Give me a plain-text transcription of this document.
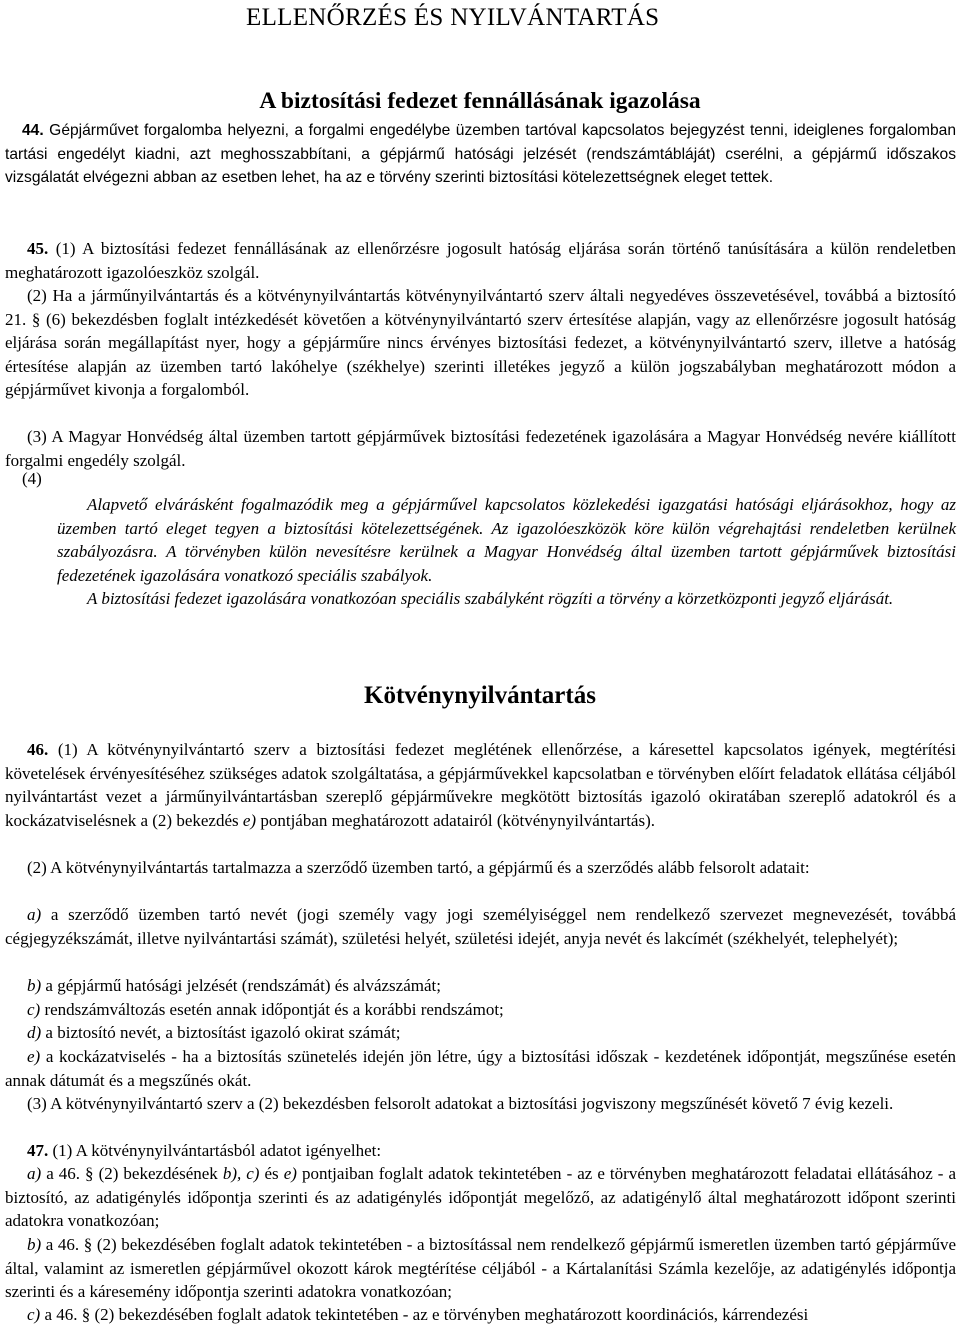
ELLENŐRZÉS ÉS NYILVÁNTARTÁS
A biztosítási fedezet fennállásának igazolása
44. Gépjárművet forgalomba helyezni, a forgalmi engedélybe üzemben tartóval kapcsolatos bejegyzést tenni, ideiglenes forgalomban tartási engedélyt kiadni, azt meghosszabbítani, a gépjármű hatósági jelzését (rendszámtábláját) cserélni, a gépjármű időszakos vizsgálatát elvégezni abban az esetben lehet, ha az e törvény szerinti biztosítási kötelezettségnek eleget tettek.
45. (1) A biztosítási fedezet fennállásának az ellenőrzésre jogosult hatóság eljárása során történő tanúsítására a külön rendeletben meghatározott igazolóeszköz szolgál.
(2) Ha a járműnyilvántartás és a kötvénynyilvántartás kötvénynyilvántartó szerv általi negyedéves összevetésével, továbbá a biztosító 21. § (6) bekezdésben foglalt intézkedését követően a kötvénynyilvántartó szerv értesítése alapján, vagy az ellenőrzésre jogosult hatóság eljárása során megállapítást nyer, hogy a gépjárműre nincs érvényes biztosítási fedezet, a kötvénynyilvántartó szerv, illetve a hatóság értesítése alapján az üzemben tartó lakóhelye (székhelye) szerinti illetékes jegyző a külön jogszabályban meghatározott módon a gépjárművet kivonja a forgalomból.
(3) A Magyar Honvédség által üzemben tartott gépjárművek biztosítási fedezetének igazolására a Magyar Honvédség nevére kiállított forgalmi engedély szolgál.
(4)
Alapvető elvárásként fogalmazódik meg a gépjárművel kapcsolatos közlekedési igazgatási hatósági eljárásokhoz, hogy az üzemben tartó eleget tegyen a biztosítási kötelezettségének. Az igazolóeszközök köre külön végrehajtási rendeletben kerülnek szabályozásra. A törvényben külön nevesítésre kerülnek a Magyar Honvédség által üzemben tartott gépjárművek biztosítási fedezetének igazolására vonatkozó speciális szabályok.
A biztosítási fedezet igazolására vonatkozóan speciális szabályként rögzíti a törvény a körzetközponti jegyző eljárását.
Kötvénynyilvántartás
46. (1) A kötvénynyilvántartó szerv a biztosítási fedezet meglétének ellenőrzése, a káresettel kapcsolatos igények, megtérítési követelések érvényesítéséhez szükséges adatok szolgáltatása, a gépjárművekkel kapcsolatban e törvényben előírt feladatok ellátása céljából nyilvántartást vezet a járműnyilvántartásban szereplő gépjárművekre megkötött biztosítás igazoló okiratában szereplő adatokról és a kockázatviselésnek a (2) bekezdés e) pontjában meghatározott adatairól (kötvénynyilvántartás).
(2) A kötvénynyilvántartás tartalmazza a szerződő üzemben tartó, a gépjármű és a szerződés alább felsorolt adatait:
a) a szerződő üzemben tartó nevét (jogi személy vagy jogi személyiséggel nem rendelkező szervezet megnevezését, továbbá cégjegyzékszámát, illetve nyilvántartási számát), születési helyét, születési idejét, anyja nevét és lakcímét (székhelyét, telephelyét);
b) a gépjármű hatósági jelzését (rendszámát) és alvázszámát;
c) rendszámváltozás esetén annak időpontját és a korábbi rendszámot;
d) a biztosító nevét, a biztosítást igazoló okirat számát;
e) a kockázatviselés - ha a biztosítás szünetelés idején jön létre, úgy a biztosítási időszak - kezdetének időpontját, megszűnése esetén annak dátumát és a megszűnés okát.
(3) A kötvénynyilvántartó szerv a (2) bekezdésben felsorolt adatokat a biztosítási jogviszony megszűnését követő 7 évig kezeli.
47. (1) A kötvénynyilvántartásból adatot igényelhet:
a) a 46. § (2) bekezdésének b), c) és e) pontjaiban foglalt adatok tekintetében - az e törvényben meghatározott feladatai ellátásához - a biztosító, az adatigénylés időpontja szerinti és az adatigénylés időpontját megelőző, az adatigénylő által meghatározott időpont szerinti adatokra vonatkozóan;
b) a 46. § (2) bekezdésében foglalt adatok tekintetében - a biztosítással nem rendelkező gépjármű ismeretlen üzemben tartó gépjárműve által, valamint az ismeretlen gépjárművel okozott károk megtérítése céljából - a Kártalanítási Számla kezelője, az adatigénylés időpontja szerinti és a káresemény időpontja szerinti adatokra vonatkozóan;
c) a 46. § (2) bekezdésében foglalt adatok tekintetében - az e törvényben meghatározott koordinációs, kárrendezési
